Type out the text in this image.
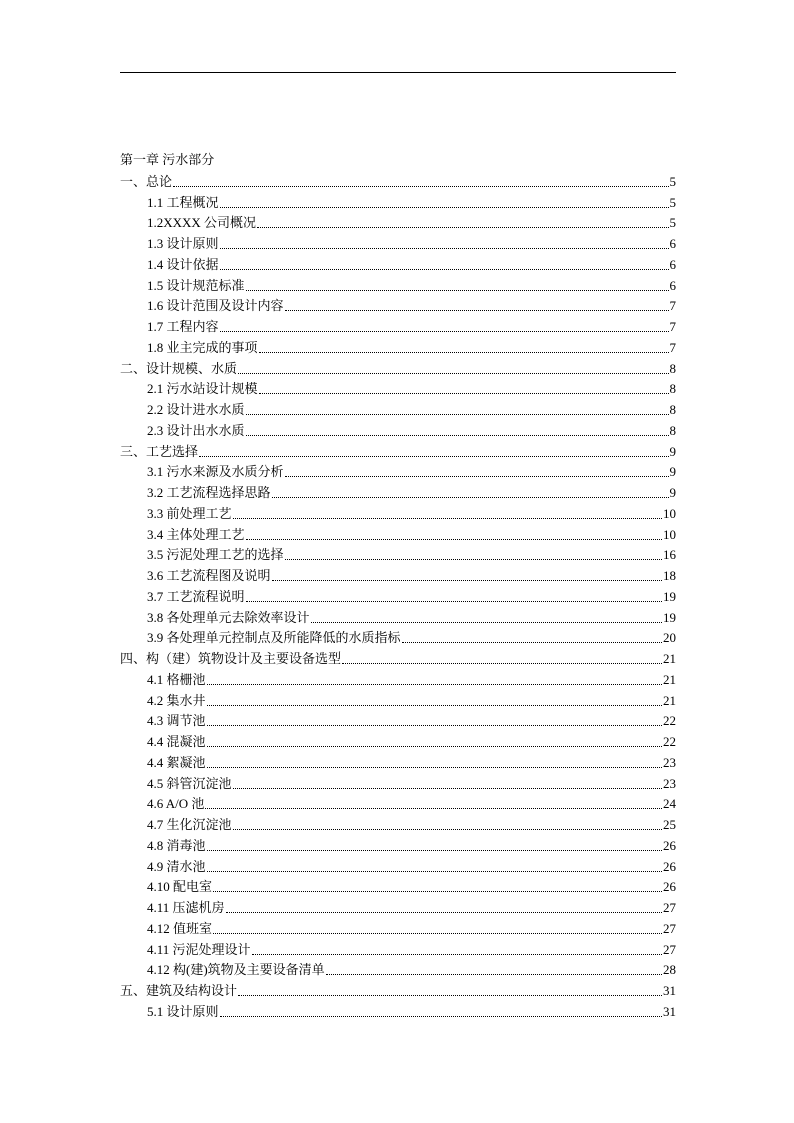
第一章 污水部分
一、总论	5
1.1 工程概况	5
1.2XXXX 公司概况	5
1.3 设计原则	6
1.4 设计依据	6
1.5 设计规范标准	6
1.6 设计范围及设计内容	7
1.7 工程内容	7
1.8 业主完成的事项	7
二、设计规模、水质	8
2.1 污水站设计规模	8
2.2 设计进水水质	8
2.3 设计出水水质	8
三、工艺选择	9
3.1 污水来源及水质分析	9
3.2 工艺流程选择思路	9
3.3 前处理工艺	10
3.4 主体处理工艺	10
3.5 污泥处理工艺的选择	16
3.6 工艺流程图及说明	18
3.7 工艺流程说明	19
3.8 各处理单元去除效率设计	19
3.9 各处理单元控制点及所能降低的水质指标	20
四、构（建）筑物设计及主要设备选型	21
4.1 格栅池	21
4.2 集水井	21
4.3 调节池	22
4.4 混凝池	22
4.4 絮凝池	23
4.5 斜管沉淀池	23
4.6 A/O 池	24
4.7 生化沉淀池	25
4.8 消毒池	26
4.9 清水池	26
4.10 配电室	26
4.11 压滤机房	27
4.12 值班室	27
4.11 污泥处理设计	27
4.12 构(建)筑物及主要设备清单	28
五、建筑及结构设计	31
5.1 设计原则	31
